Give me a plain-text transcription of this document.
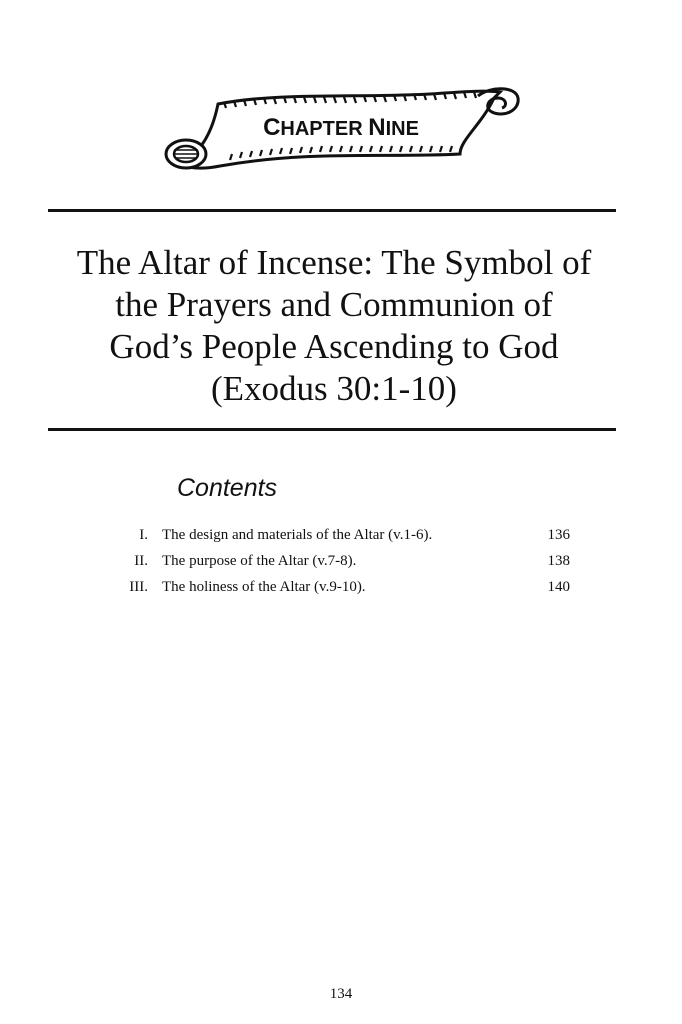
CHAPTER NINE
The Altar of Incense: The Symbol of
the Prayers and Communion of
God’s People Ascending to God
(Exodus 30:1-10)
Contents
I. The design and materials of the Altar (v.1-6).	136
II. The purpose of the Altar (v.7-8).	138
III. The holiness of the Altar (v.9-10).	140
134
